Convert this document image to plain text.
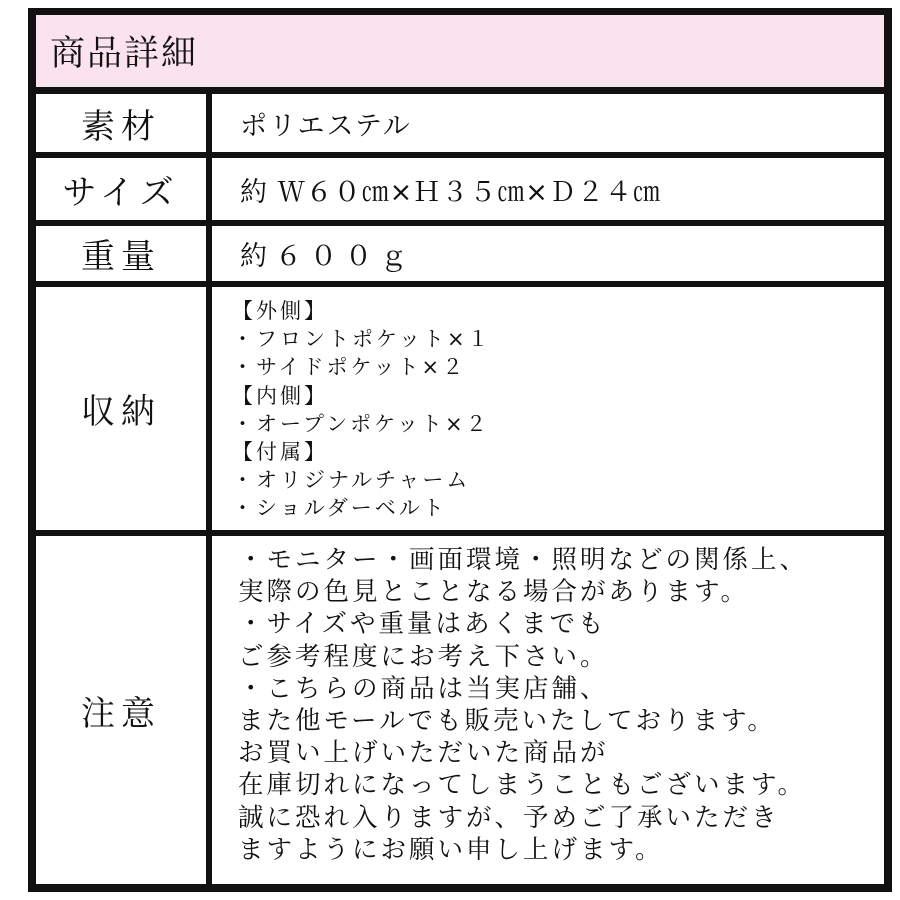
商品詳細
素材	ポリエステル
サイズ 約 Ｗ６０㎝×Ｈ３５㎝×Ｄ２４㎝
重量	約６００ｇ
収納
【外側】
・フロントポケット×１
・サイドポケット×２
【内側】
・オープンポケット×２
【付属】
・オリジナルチャーム
・ショルダーベルト
注意
・モニター・画面環境・照明などの関係上、
実際の色見とことなる場合があります。
・サイズや重量はあくまでも
ご参考程度にお考え下さい。
・こちらの商品は当実店舗、
また他モールでも販売いたしております。
お買い上げいただいた商品が
在庫切れになってしまうこともございます。
誠に恐れ入りますが、予めご了承いただき
ますようにお願い申し上げます。
